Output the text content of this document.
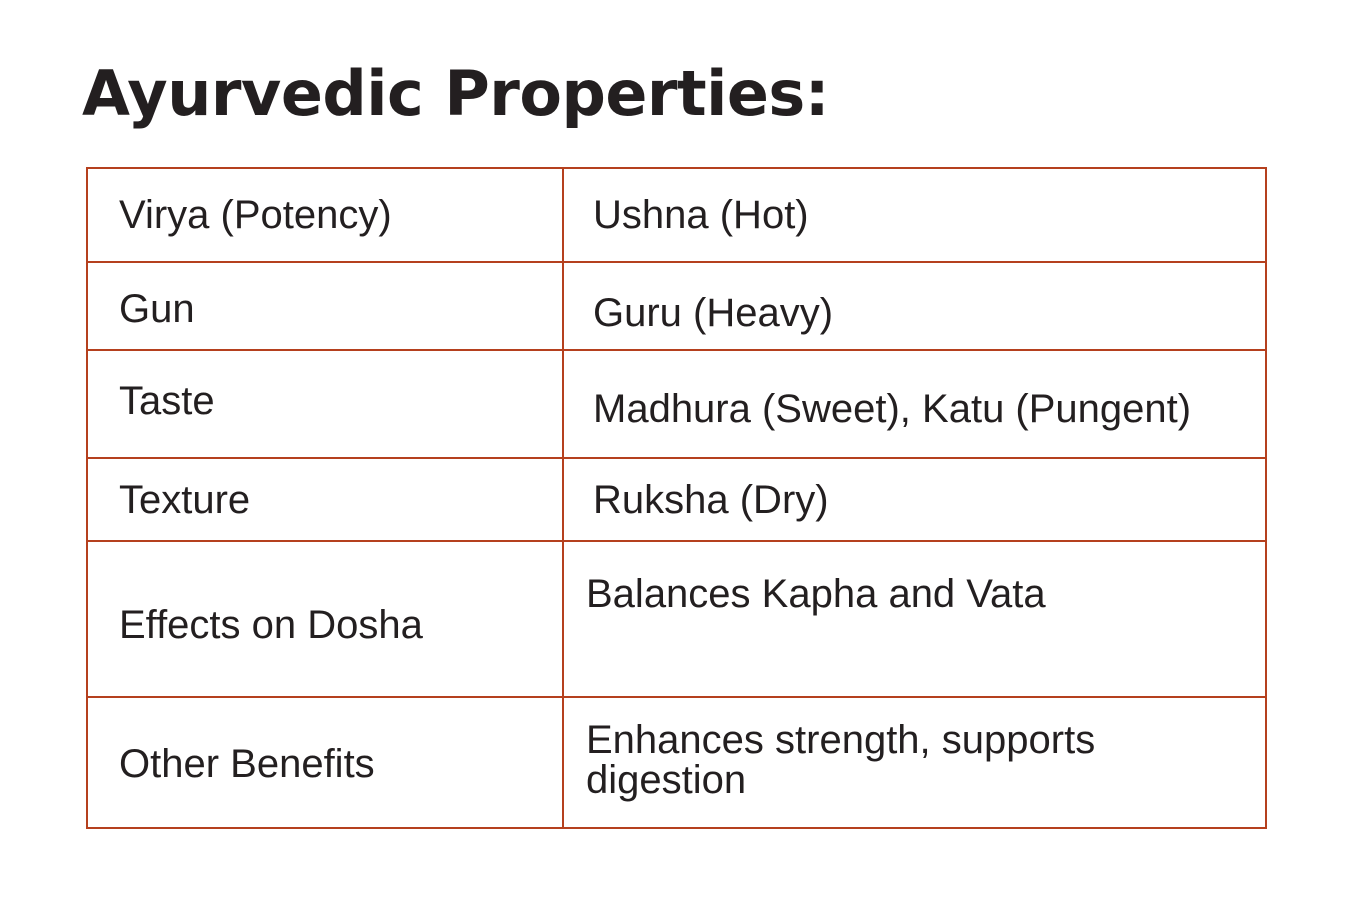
Ayurvedic Properties:
Virya (Potency)	Ushna (Hot)
Gun	Guru (Heavy)
Taste	Madhura (Sweet), Katu (Pungent)
Texture	Ruksha (Dry)
Effects on Dosha	Balances Kapha and Vata
Other Benefits	Enhances strength, supports digestion
